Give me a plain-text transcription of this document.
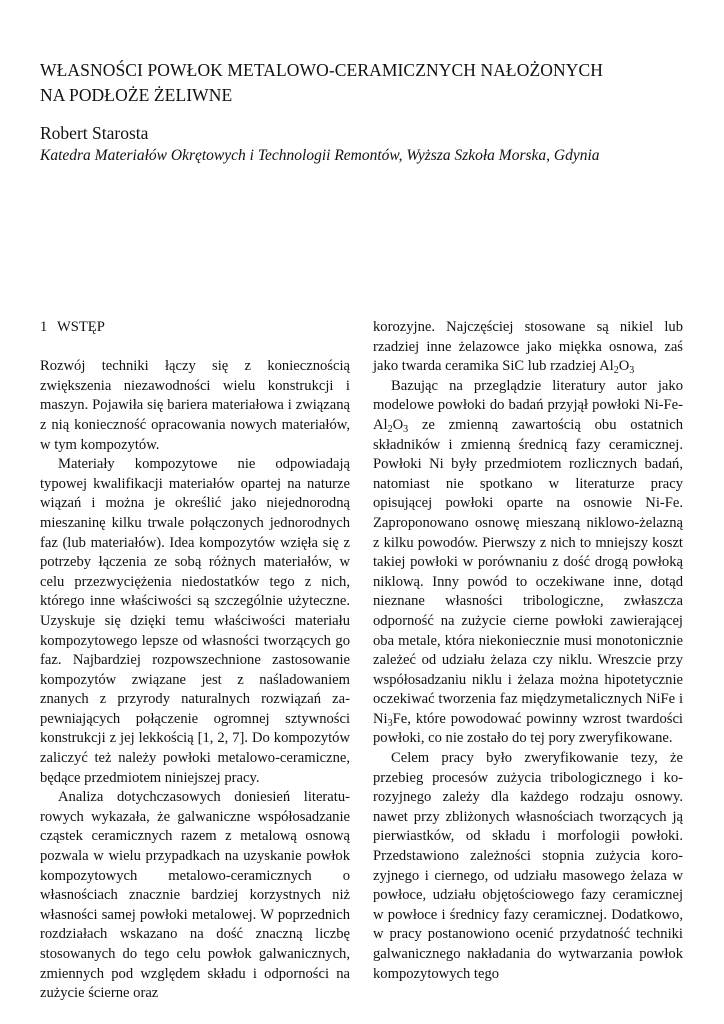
WŁASNOŚCI POWŁOK METALOWO-CERAMICZNYCH NAŁOŻONYCH
NA PODŁOŻE ŻELIWNE
Robert Starosta
Katedra Materiałów Okrętowych i Technologii Remontów, Wyższa Szkoła Morska, Gdynia
1 WSTĘP

Rozwój techniki łączy się z koniecznością zwiększenia niezawodności wielu konstrukcji i maszyn. Pojawiła się bariera materiałowa i związaną z nią konieczność opracowania nowych materiałów, w tym kompozytów.

Materiały kompozytowe nie odpowiadają typowej kwalifikacji materiałów opartej na naturze wiązań i można je określić jako niejednorodną mieszaninę kilku trwale połączonych jednorodnych faz (lub materiałów). Idea kompozytów wzięła się z potrzeby łączenia ze sobą różnych materiałów, w celu przezwyciężenia niedostatków tego z nich, którego inne właściwości są szczególnie użyteczne. Uzyskuje się dzięki temu właściwości materiału kompozytowego lepsze od własności tworzących go faz. Najbardziej rozpowszechnione zastosowanie kompozytów związane jest z naśladowaniem znanych z przyrody naturalnych rozwiązań zapewniających połączenie ogromnej sztywności konstrukcji z jej lekkością [1, 2, 7]. Do kompozytów zaliczyć też należy powłoki metalowo-ceramiczne, będące przedmiotem niniejszej pracy.

Analiza dotychczasowych doniesień literaturowych wykazała, że galwaniczne współosadzanie cząstek ceramicznych razem z metalową osnową pozwala w wielu przypadkach na uzyskanie powłok kompozytowych metalowo-ceramicznych o własnościach znacznie bardziej korzystnych niż własności samej powłoki metalowej. W poprzednich rozdziałach wskazano na dość znaczną liczbę stosowanych do tego celu powłok galwanicznych, zmiennych pod względem składu i odporności na zużycie ścierne oraz

korozyjne. Najczęściej stosowane są nikiel lub rzadziej inne żelazowce jako miękka osnowa, zaś jako twarda ceramika SiC lub rzadziej $Al_2O_3$

Bazując na przeglądzie literatury autor jako modelowe powłoki do badań przyjął powłoki $Ni-Fe-Al_2O_3$ ze zmienną zawartością obu ostatnich składników i zmienną średnicą fazy ceramicznej. Powłoki Ni były przedmiotem rozlicznych badań, natomiast nie spotkano w literaturze pracy opisującej powłoki oparte na osnowie Ni-Fe. Zaproponowano osnowę mieszaną niklowo-żelazną z kilku powodów. Pierwszy z nich to mniejszy koszt takiej powłoki w porównaniu z dość drogą powłoką niklową. Inny powód to oczekiwane inne, dotąd nieznane własności tribologiczne, zwłaszcza odporność na zużycie cierne powłoki zawierającej oba metale, która niekoniecznie musi monotonicznie zależeć od udziału żelaza czy niklu. Wreszcie przy współosadzaniu niklu i żelaza można hipotetycznie oczekiwać tworzenia faz międzymetalicznych NiFe i $Ni_3Fe$, które powodować powinny wzrost twardości powłoki, co nie zostało do tej pory zweryfikowane.

Celem pracy było zweryfikowanie tezy, że przebieg procesów zużycia tribologicznego i korozyjnego zależy dla każdego rodzaju osnowy. nawet przy zbliżonych własnościach tworzących ją pierwiastków, od składu i morfologii powłoki. Przedstawiono zależności stopnia zużycia korozyjnego i ciernego, od udziału masowego żelaza w powłoce, udziału objętościowego fazy ceramicznej w powłoce i średnicy fazy ceramicznej. Dodatkowo, w pracy postanowiono ocenić przydatność techniki galwanicznego nakładania do wytwarzania powłok kompozytowych tego
